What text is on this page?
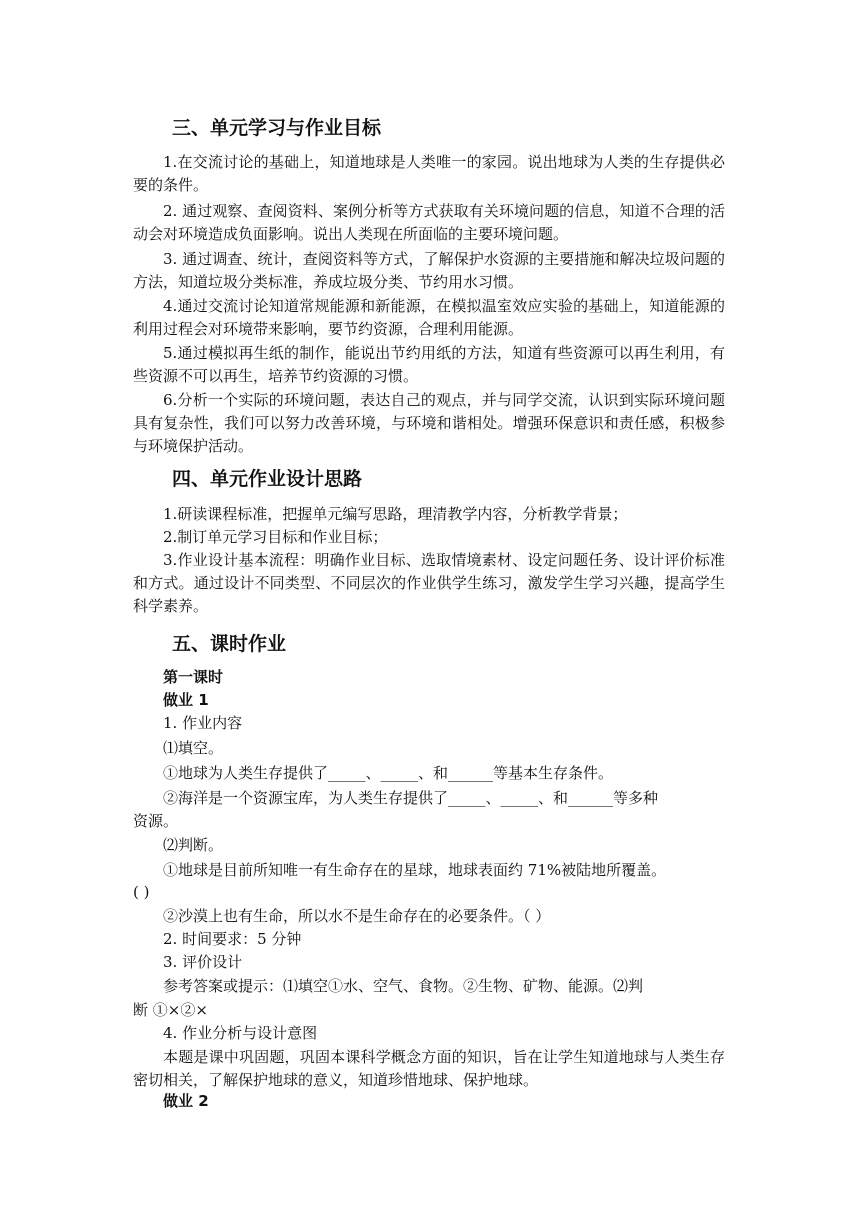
三、单元学习与作业目标

1.在交流讨论的基础上，知道地球是人类唯一的家园。说出地球为人类的生存提供必要的条件。

2. 通过观察、查阅资料、案例分析等方式获取有关环境问题的信息，知道不合理的活动会对环境造成负面影响。说出人类现在所面临的主要环境问题。

3. 通过调查、统计，查阅资料等方式，了解保护水资源的主要措施和解决垃圾问题的方法，知道垃圾分类标准，养成垃圾分类、节约用水习惯。

4.通过交流讨论知道常规能源和新能源，在模拟温室效应实验的基础上，知道能源的利用过程会对环境带来影响，要节约资源，合理利用能源。

5.通过模拟再生纸的制作，能说出节约用纸的方法，知道有些资源可以再生利用，有些资源不可以再生，培养节约资源的习惯。

6.分析一个实际的环境问题，表达自己的观点，并与同学交流，认识到实际环境问题具有复杂性，我们可以努力改善环境，与环境和谐相处。增强环保意识和责任感，积极参与环境保护活动。

四、单元作业设计思路

1.研读课程标准，把握单元编写思路，理清教学内容，分析教学背景；

2.制订单元学习目标和作业目标；

3.作业设计基本流程：明确作业目标、选取情境素材、设定问题任务、设计评价标准和方式。通过设计不同类型、不同层次的作业供学生练习，激发学生学习兴趣，提高学生科学素养。

五、课时作业
第一课时
做业 1
1. 作业内容
⑴填空。
①地球为人类生存提供了_____、_____、和______等基本生存条件。
②海洋是一个资源宝库，为人类生存提供了_____、_____、和______等多种
资源。
⑵判断。
①地球是目前所知唯一有生命存在的星球，地球表面约 71%被陆地所覆盖。
( )
②沙漠上也有生命，所以水不是生命存在的必要条件。（ ）
2. 时间要求：5 分钟
3. 评价设计
参考答案或提示：⑴填空①水、空气、食物。②生物、矿物、能源。⑵判
断 ①×②×
4. 作业分析与设计意图

本题是课中巩固题，巩固本课科学概念方面的知识，旨在让学生知道地球与人类生存密切相关，了解保护地球的意义，知道珍惜地球、保护地球。

做业 2
